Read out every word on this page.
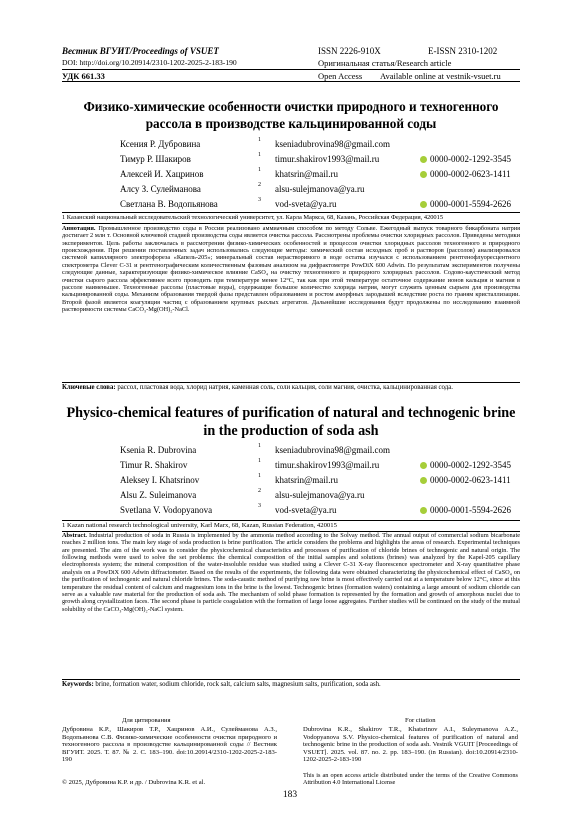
Вестник ВГУИТ/Proceedings of VSUET	ISSN 2226-910X	E-ISSN 2310-1202
DOI: http://doi.org/10.20914/2310-1202-2025-2-183-190	Оригинальная статья/Research article
УДК 661.33	Open Access Available online at vestnik-vsuet.ru
Физико-химические особенности очистки природного и техногенного рассола в производстве кальцинированной соды
Ксения Р. Дубровина	1 kseniadubrovina98@gmail.com
Тимур Р. Шакиров	1 timur.shakirov1993@mail.ru	0000-0002-1292-3545
Алексей И. Хацринов	1 khatsrin@mail.ru	0000-0002-0623-1411
Алсу З. Сулейманова	2 alsu-sulejmanova@ya.ru
Светлана В. Водопьянова	3 vod-sveta@ya.ru	0000-0001-5594-2626
1 Казанский национальный исследовательский технологический университет, ул. Карла Маркса, 68, Казань, Российская Федерация, 420015
Аннотация. Промышленное производство соды в России реализовано аммиачным способом по методу Сольве. Ежегодный выпуск товарного бикарбоната натрия достигает 2 млн т. Основной ключевой стадией производства соды является очистка рассола. Рассмотрены проблемы очистки хлоридных рассолов. Приведены методики экспериментов. Цель работы заключалась в рассмотрении физико-химических особенностей и процессов очистки хлоридных рассолов техногенного и природного происхождения. При решении поставленных задач использовались следующие методы: химический состав исходных проб и растворов (рассолов) анализировался системой капиллярного электрофореза «Капель-205»; минеральный состав нерастворимого в воде остатка изучался с использованием рентгенофлуоресцентного спектрометра Clever C-31 и рентгенографическим количественным фазовым анализом на дифрактометре PowDiX 600 Adwin. По результатам экспериментов получены следующие данные, характеризующие физико-химическое влияние CaSO₄ на очистку техногенного и природного хлоридных рассолов. Содово-каустический метод очистки сырого рассола эффективнее всего проводить при температуре менее 12°С, так как при этой температуре остаточное содержание ионов кальция и магния в рассоле наименьшее. Техногенные рассолы (пластовые воды), содержащие большое количество хлорида натрия, могут служить ценным сырьем для производства кальцинированной соды. Механизм образования твердой фазы представлен образованием и ростом аморфных зародышей вследствие роста по граням кристаллизации. Второй фазой является коагуляция частиц с образованием крупных рыхлых агрегатов. Дальнейшие исследования будут продолжены по исследованию взаимной растворимости системы CaCO₃-Mg(OH)₂-NaCl.
Ключевые слова: рассол, пластовая вода, хлорид натрия, каменная соль, соли кальция, соли магния, очистка, кальцинированная сода.
Physico-chemical features of purification of natural and technogenic brine in the production of soda ash
Ksenia R. Dubrovina	1 kseniadubrovina98@gmail.com
Timur R. Shakirov	1 timur.shakirov1993@mail.ru	0000-0002-1292-3545
Aleksey I. Khatsrinov	1 khatsrin@mail.ru	0000-0002-0623-1411
Alsu Z. Suleimanova	2 alsu-sulejmanova@ya.ru
Svetlana V. Vodopyanova	3 vod-sveta@ya.ru	0000-0001-5594-2626
1 Kazan national research technological university, Karl Marx, 68, Kazan, Russian Federation, 420015
Abstract. Industrial production of soda in Russia is implemented by the ammonia method according to the Solvay method. The annual output of commercial sodium bicarbonate reaches 2 million tons. The main key stage of soda production is brine purification. The article considers the problems and highlights the areas of research. Experimental techniques are presented. The aim of the work was to consider the physicochemical characteristics and processes of purification of chloride brines of technogenic and natural origin. The following methods were used to solve the set problems: the chemical composition of the initial samples and solutions (brines) was analyzed by the Kapel-205 capillary electrophoresis system; the mineral composition of the water-insoluble residue was studied using a Clever C-31 X-ray fluorescence spectrometer and X-ray quantitative phase analysis on a PowDiX 600 Adwin diffractometer. Based on the results of the experiments, the following data were obtained characterizing the physicochemical effect of CaSO₄ on the purification of technogenic and natural chloride brines. The soda-caustic method of purifying raw brine is most effectively carried out at a temperature below 12°C, since at this temperature the residual content of calcium and magnesium ions in the brine is the lowest. Technogenic brines (formation waters) containing a large amount of sodium chloride can serve as a valuable raw material for the production of soda ash. The mechanism of solid phase formation is represented by the formation and growth of amorphous nuclei due to growth along crystallization faces. The second phase is particle coagulation with the formation of large loose aggregates. Further studies will be continued on the study of the mutual solubility of the CaCO₃-Mg(OH)₂-NaCl system.
Keywords: brine, formation water, sodium chloride, rock salt, calcium salts, magnesium salts, purification, soda ash.
Для цитирования
Дубровина К.Р., Шакиров Т.Р., Хацринов А.И., Сулейманова А.З., Водопьянова С.В. Физико-химические особенности очистки природного и техногенного рассола в производстве кальцинированной соды // Вестник ВГУИТ. 2025. Т. 87. № 2. С. 183–190. doi:10.20914/2310-1202-2025-2-183-190
For citation
Dubrovina K.R., Shakirov T.R., Khatsrinov A.I., Suleymanova A.Z., Vodopyanova S.V. Physico-chemical features of purification of natural and technogenic brine in the production of soda ash. Vestnik VGUIT [Proceedings of VSUET]. 2025. vol. 87. no. 2. pp. 183–190. (in Russian). doi:10.20914/2310-1202-2025-2-183-190
© 2025, Дубровина К.Р. и др. / Dubrovina K.R. et al.
This is an open access article distributed under the terms of the Creative Commons Attribution 4.0 International License
183
